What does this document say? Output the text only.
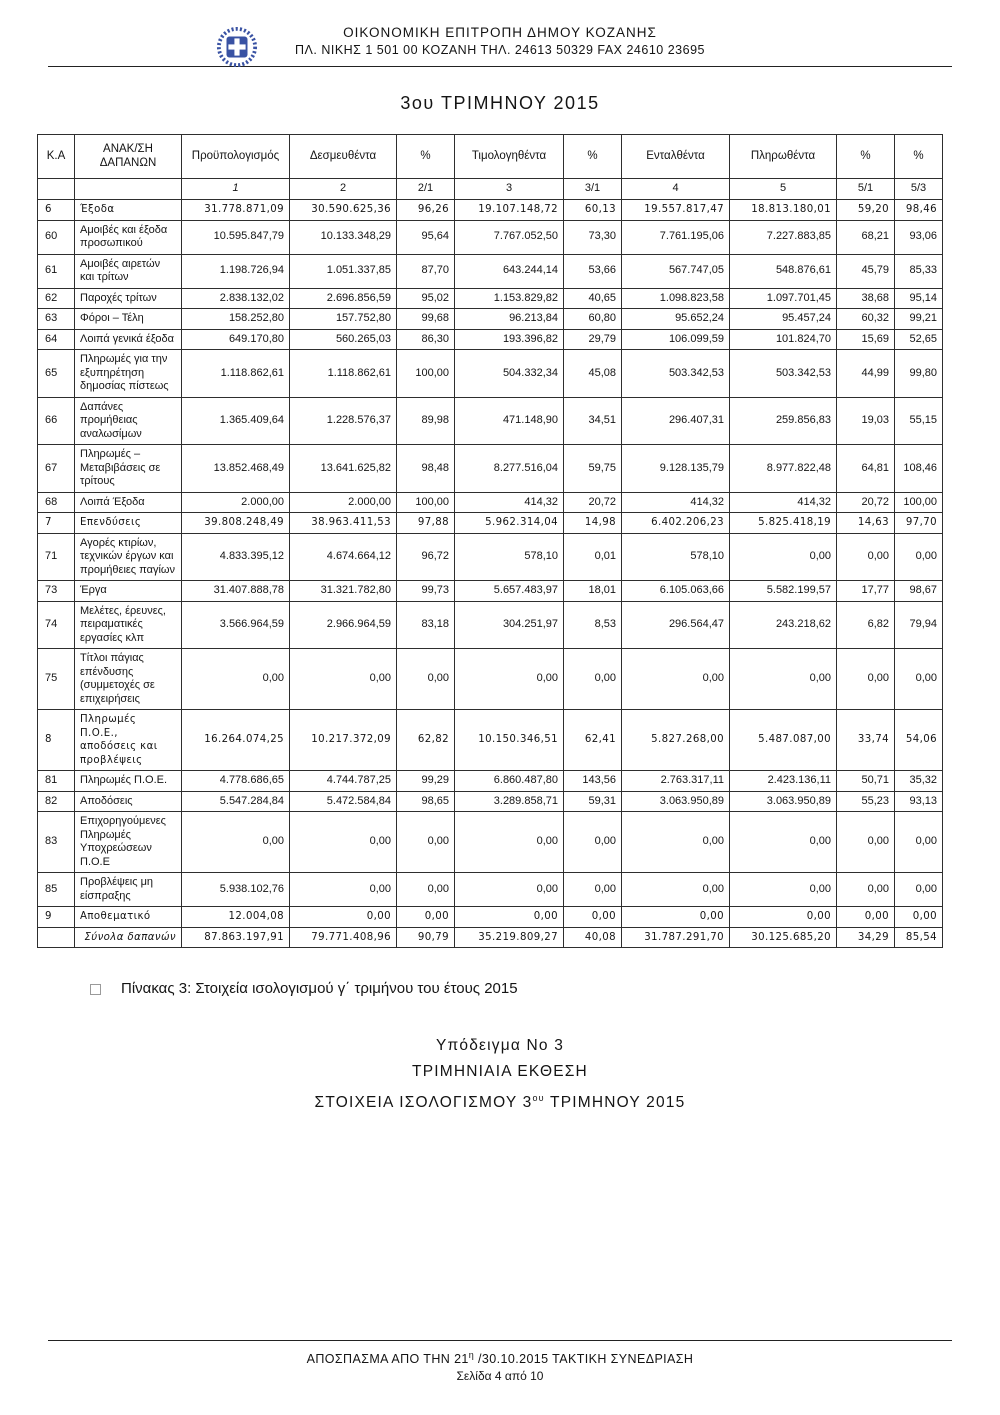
ΟΙΚΟΝΟΜΙΚΗ ΕΠΙΤΡΟΠΗ ΔΗΜΟΥ ΚΟΖΑΝΗΣ
ΠΛ. ΝΙΚΗΣ 1 501 00 ΚΟΖΑΝΗ ΤΗΛ. 24613 50329 FAX 24610 23695
3ου ΤΡΙΜΗΝΟΥ 2015
Κ.Α	ΑΝΑΚ/ΣΗ ΔΑΠΑΝΩΝ	Προϋπολογισμός	Δεσμευθέντα	%	Τιμολογηθέντα	%	Ενταλθέντα	Πληρωθέντα	%	%
		1	2	2/1	3	3/1	4	5	5/1	5/3
6	Έξοδα	31.778.871,09	30.590.625,36	96,26	19.107.148,72	60,13	19.557.817,47	18.813.180,01	59,20	98,46
60	Αμοιβές και έξοδα προσωπικού	10.595.847,79	10.133.348,29	95,64	7.767.052,50	73,30	7.761.195,06	7.227.883,85	68,21	93,06
61	Αμοιβές αιρετών και τρίτων	1.198.726,94	1.051.337,85	87,70	643.244,14	53,66	567.747,05	548.876,61	45,79	85,33
62	Παροχές τρίτων	2.838.132,02	2.696.856,59	95,02	1.153.829,82	40,65	1.098.823,58	1.097.701,45	38,68	95,14
63	Φόροι – Τέλη	158.252,80	157.752,80	99,68	96.213,84	60,80	95.652,24	95.457,24	60,32	99,21
64	Λοιπά γενικά έξοδα	649.170,80	560.265,03	86,30	193.396,82	29,79	106.099,59	101.824,70	15,69	52,65
65	Πληρωμές για την εξυπηρέτηση δημοσίας πίστεως	1.118.862,61	1.118.862,61	100,00	504.332,34	45,08	503.342,53	503.342,53	44,99	99,80
66	Δαπάνες προμήθειας αναλωσίμων	1.365.409,64	1.228.576,37	89,98	471.148,90	34,51	296.407,31	259.856,83	19,03	55,15
67	Πληρωμές – Μεταβιβάσεις σε τρίτους	13.852.468,49	13.641.625,82	98,48	8.277.516,04	59,75	9.128.135,79	8.977.822,48	64,81	108,46
68	Λοιπά Έξοδα	2.000,00	2.000,00	100,00	414,32	20,72	414,32	414,32	20,72	100,00
7	Επενδύσεις	39.808.248,49	38.963.411,53	97,88	5.962.314,04	14,98	6.402.206,23	5.825.418,19	14,63	97,70
71	Αγορές κτιρίων, τεχνικών έργων και προμήθειες παγίων	4.833.395,12	4.674.664,12	96,72	578,10	0,01	578,10	0,00	0,00	0,00
73	Έργα	31.407.888,78	31.321.782,80	99,73	5.657.483,97	18,01	6.105.063,66	5.582.199,57	17,77	98,67
74	Μελέτες, έρευνες, πειραματικές εργασίες κλπ	3.566.964,59	2.966.964,59	83,18	304.251,97	8,53	296.564,47	243.218,62	6,82	79,94
75	Τίτλοι πάγιας επένδυσης (συμμετοχές σε επιχειρήσεις	0,00	0,00	0,00	0,00	0,00	0,00	0,00	0,00	0,00
8	Πληρωμές Π.Ο.Ε., αποδόσεις και προβλέψεις	16.264.074,25	10.217.372,09	62,82	10.150.346,51	62,41	5.827.268,00	5.487.087,00	33,74	54,06
81	Πληρωμές Π.Ο.Ε.	4.778.686,65	4.744.787,25	99,29	6.860.487,80	143,56	2.763.317,11	2.423.136,11	50,71	35,32
82	Αποδόσεις	5.547.284,84	5.472.584,84	98,65	3.289.858,71	59,31	3.063.950,89	3.063.950,89	55,23	93,13
83	Επιχορηγούμενες Πληρωμές Υποχρεώσεων Π.Ο.Ε	0,00	0,00	0,00	0,00	0,00	0,00	0,00	0,00	0,00
85	Προβλέψεις μη είσπραξης	5.938.102,76	0,00	0,00	0,00	0,00	0,00	0,00	0,00	0,00
9	Αποθεματικό	12.004,08	0,00	0,00	0,00	0,00	0,00	0,00	0,00	0,00
	Σύνολα δαπανών	87.863.197,91	79.771.408,96	90,79	35.219.809,27	40,08	31.787.291,70	30.125.685,20	34,29	85,54
Πίνακας 3: Στοιχεία ισολογισμού γ΄ τριμήνου του έτους 2015
Υπόδειγμα Νο 3
ΤΡΙΜΗΝΙΑΙΑ ΕΚΘΕΣΗ
ΣΤΟΙΧΕΙΑ ΙΣΟΛΟΓΙΣΜΟΥ $3^{o\upsilon}$ ΤΡΙΜΗΝΟΥ 2015
ΑΠΟΣΠΑΣΜΑ ΑΠΟ ΤΗΝ $21^\eta$ /30.10.2015 ΤΑΚΤΙΚΗ ΣΥΝΕΔΡΙΑΣΗ
Σελίδα 4 από 10
